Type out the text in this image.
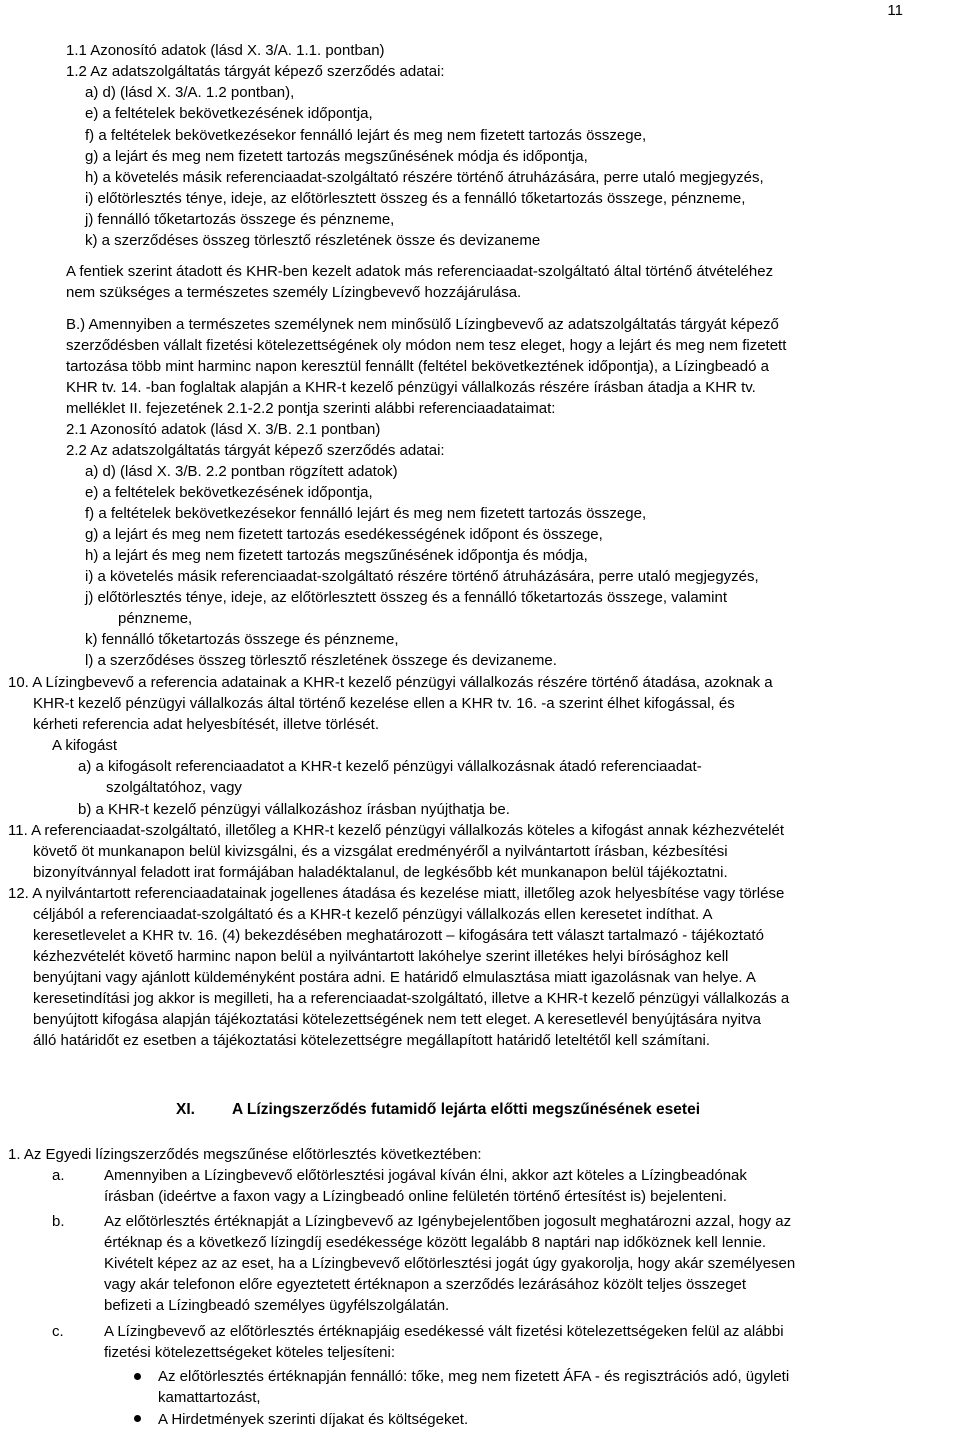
11
1.1 Azonosító adatok (lásd X. 3/A. 1.1. pontban)
1.2 Az adatszolgáltatás tárgyát képező szerződés adatai:
a) d) (lásd X. 3/A. 1.2 pontban),
e) a feltételek bekövetkezésének időpontja,
f) a feltételek bekövetkezésekor fennálló lejárt és meg nem fizetett tartozás összege,
g) a lejárt és meg nem fizetett tartozás megszűnésének módja és időpontja,
h) a követelés másik referenciaadat-szolgáltató részére történő átruházására, perre utaló megjegyzés,
i) előtörlesztés ténye, ideje, az előtörlesztett összeg és a fennálló tőketartozás összege, pénzneme,
j) fennálló tőketartozás összege és pénzneme,
k) a szerződéses összeg törlesztő részletének össze és devizaneme
A fentiek szerint átadott és KHR-ben kezelt adatok más referenciaadat-szolgáltató által történő átvételéhez
nem szükséges a természetes személy Lízingbevevő hozzájárulása.
B.) Amennyiben a természetes személynek nem minősülő Lízingbevevő az adatszolgáltatás tárgyát képező
szerződésben vállalt fizetési kötelezettségének oly módon nem tesz eleget, hogy a lejárt és meg nem fizetett
tartozása több mint harminc napon keresztül fennállt (feltétel bekövetkeztének időpontja), a Lízingbeadó a
KHR tv. 14. -ban foglaltak alapján a KHR-t kezelő pénzügyi vállalkozás részére írásban átadja a KHR tv.
melléklet II. fejezetének 2.1-2.2 pontja szerinti alábbi referenciaadataimat:
2.1 Azonosító adatok (lásd X. 3/B. 2.1 pontban)
2.2 Az adatszolgáltatás tárgyát képező szerződés adatai:
a) d) (lásd X. 3/B. 2.2 pontban rögzített adatok)
e) a feltételek bekövetkezésének időpontja,
f) a feltételek bekövetkezésekor fennálló lejárt és meg nem fizetett tartozás összege,
g) a lejárt és meg nem fizetett tartozás esedékességének időpont és összege,
h) a lejárt és meg nem fizetett tartozás megszűnésének időpontja és módja,
i) a követelés másik referenciaadat-szolgáltató részére történő átruházására, perre utaló megjegyzés,
j) előtörlesztés ténye, ideje, az előtörlesztett összeg és a fennálló tőketartozás összege, valamint
pénzneme,
k) fennálló tőketartozás összege és pénzneme,
l) a szerződéses összeg törlesztő részletének összege és devizaneme.
10. A Lízingbevevő a referencia adatainak a KHR-t kezelő pénzügyi vállalkozás részére történő átadása, azoknak a
KHR-t kezelő pénzügyi vállalkozás által történő kezelése ellen a KHR tv. 16. -a szerint élhet kifogással, és
kérheti referencia adat helyesbítését, illetve törlését.
A kifogást
a) a kifogásolt referenciaadatot a KHR-t kezelő pénzügyi vállalkozásnak átadó referenciaadat-
szolgáltatóhoz, vagy
b) a KHR-t kezelő pénzügyi vállalkozáshoz írásban nyújthatja be.
11. A referenciaadat-szolgáltató, illetőleg a KHR-t kezelő pénzügyi vállalkozás köteles a kifogást annak kézhezvételét
követő öt munkanapon belül kivizsgálni, és a vizsgálat eredményéről a nyilvántartott írásban, kézbesítési
bizonyítvánnyal feladott irat formájában haladéktalanul, de legkésőbb két munkanapon belül tájékoztatni.
12. A nyilvántartott referenciaadatainak jogellenes átadása és kezelése miatt, illetőleg azok helyesbítése vagy törlése
céljából a referenciaadat-szolgáltató és a KHR-t kezelő pénzügyi vállalkozás ellen keresetet indíthat. A
keresetlevelet a KHR tv. 16. (4) bekezdésében meghatározott – kifogására tett választ tartalmazó - tájékoztató
kézhezvételét követő harminc napon belül a nyilvántartott lakóhelye szerint illetékes helyi bírósághoz kell
benyújtani vagy ajánlott küldeményként postára adni. E határidő elmulasztása miatt igazolásnak van helye. A
keresetindítási jog akkor is megilleti, ha a referenciaadat-szolgáltató, illetve a KHR-t kezelő pénzügyi vállalkozás a
benyújtott kifogása alapján tájékoztatási kötelezettségének nem tett eleget. A keresetlevél benyújtására nyitva
álló határidőt ez esetben a tájékoztatási kötelezettségre megállapított határidő leteltétől kell számítani.
XI. A Lízingszerződés futamidő lejárta előtti megszűnésének esetei
1. Az Egyedi lízingszerződés megszűnése előtörlesztés következtében:
a.	Amennyiben a Lízingbevevő előtörlesztési jogával kíván élni, akkor azt köteles a Lízingbeadónak
írásban (ideértve a faxon vagy a Lízingbeadó online felületén történő értesítést is) bejelenteni.
b.	Az előtörlesztés értéknapját a Lízingbevevő az Igénybejelentőben jogosult meghatározni azzal, hogy az
értéknap és a következő lízingdíj esedékessége között legalább 8 naptári nap időköznek kell lennie.
Kivételt képez az az eset, ha a Lízingbevevő előtörlesztési jogát úgy gyakorolja, hogy akár személyesen
vagy akár telefonon előre egyeztetett értéknapon a szerződés lezárásához közölt teljes összeget
befizeti a Lízingbeadó személyes ügyfélszolgálatán.
c.	A Lízingbevevő az előtörlesztés értéknapjáig esedékessé vált fizetési kötelezettségeken felül az alábbi
fizetési kötelezettségeket köteles teljesíteni:
Az előtörlesztés értéknapján fennálló: tőke, meg nem fizetett ÁFA - és regisztrációs adó, ügyleti
kamattartozást,
A Hirdetmények szerinti díjakat és költségeket.
